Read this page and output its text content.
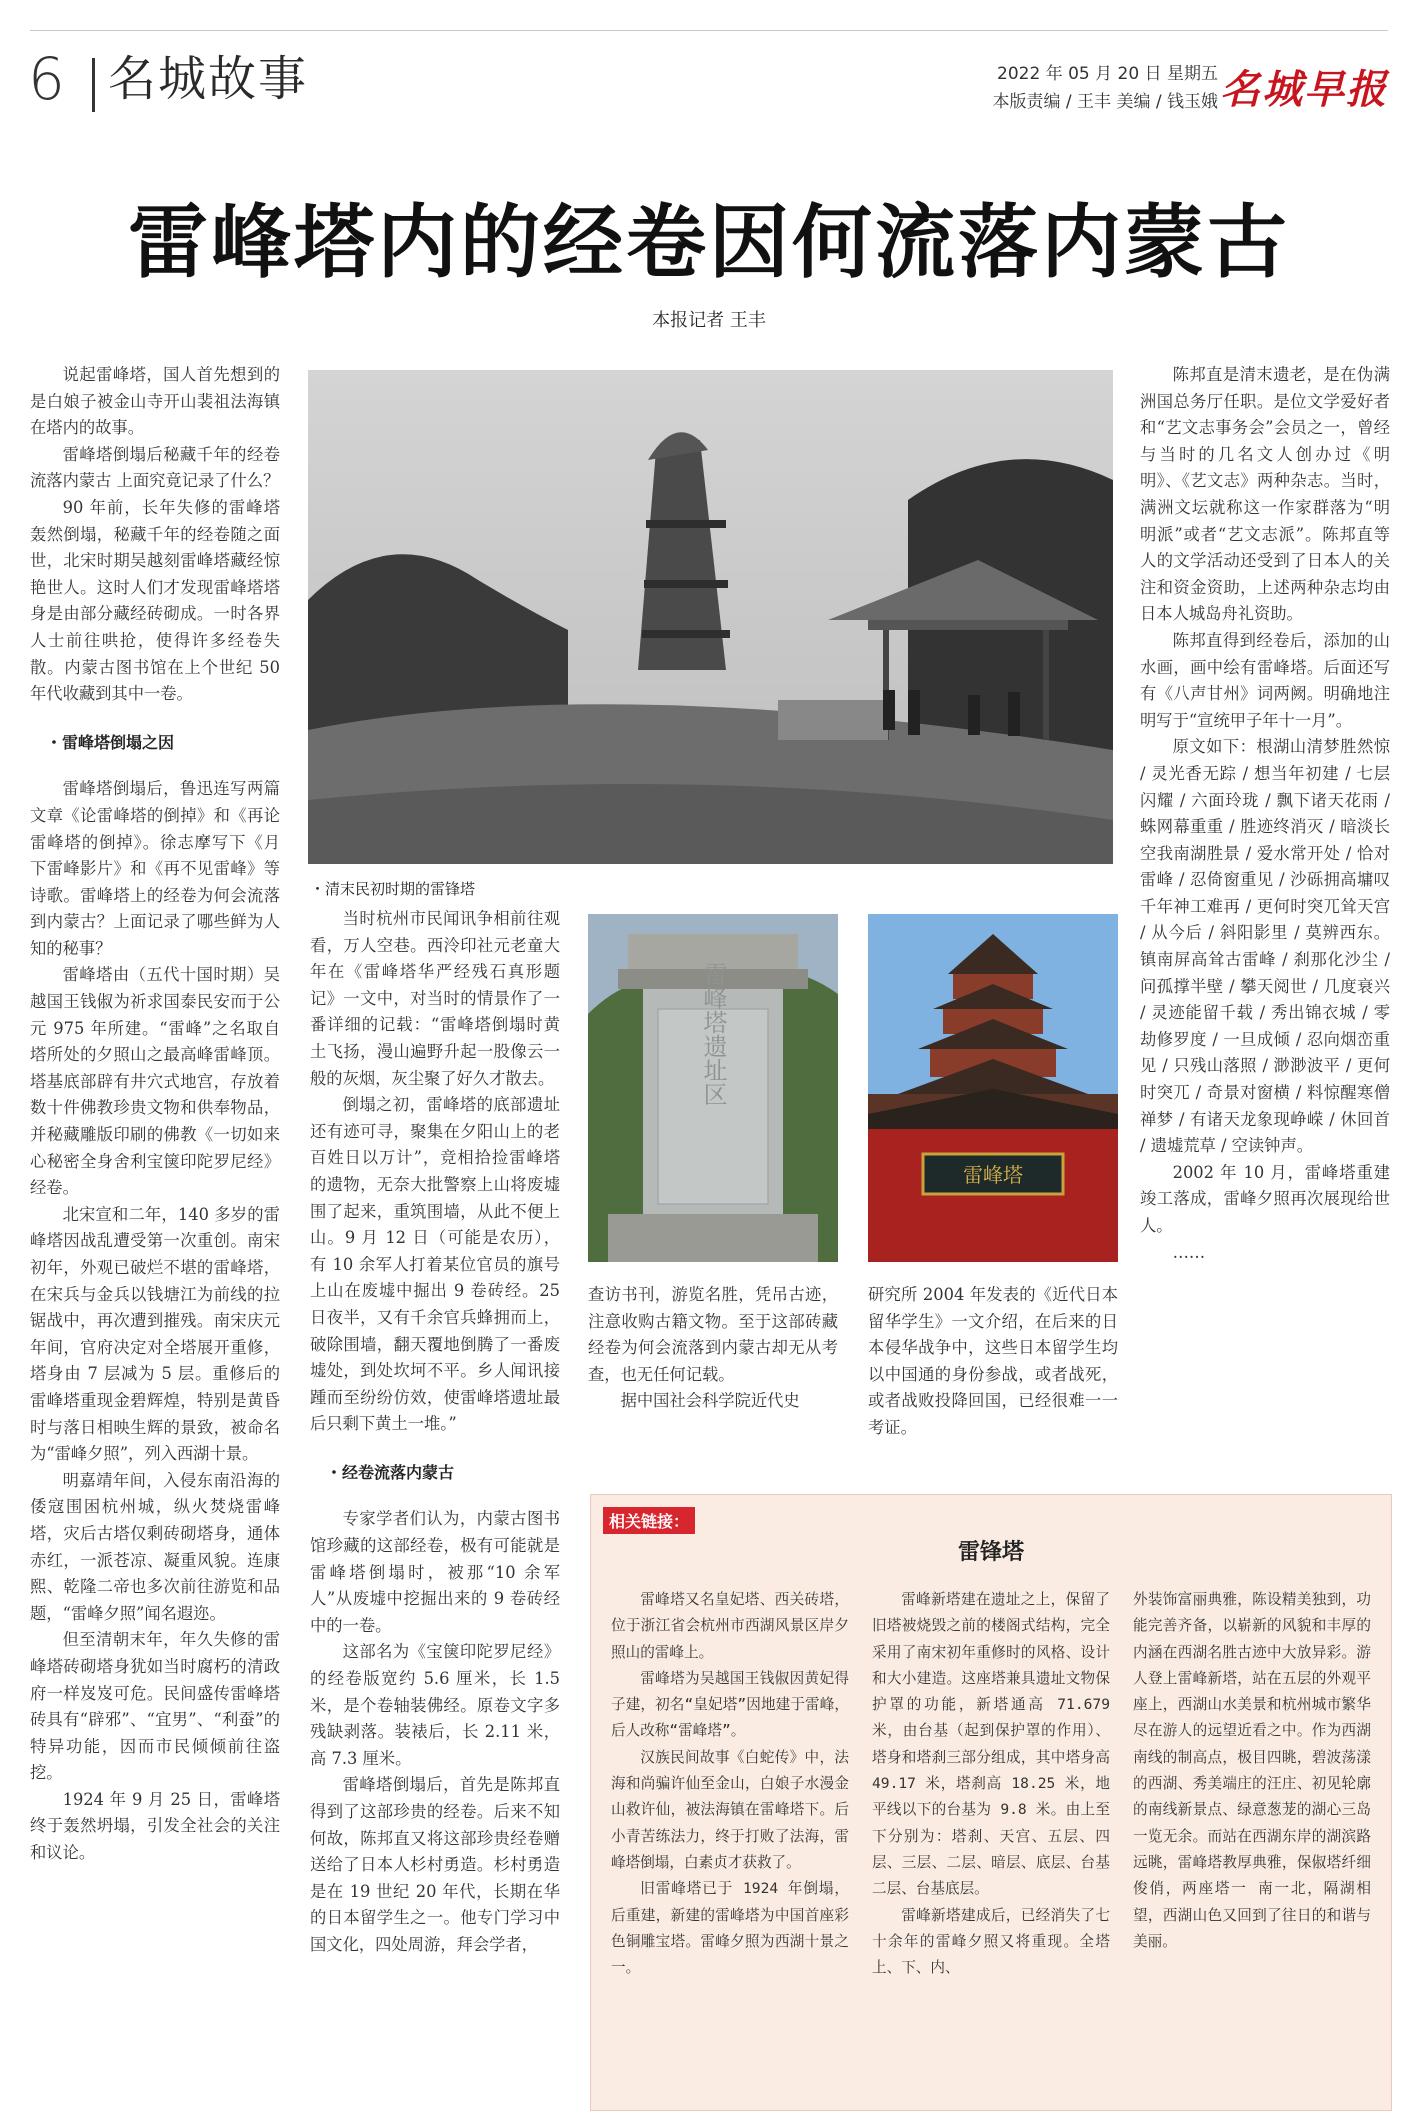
6 名城故事	2022 年 05 月 20 日 星期五
本版责编 / 王丰 美编 / 钱玉娥 名城早报
雷峰塔内的经卷因何流落内蒙古
本报记者 王丰

说起雷峰塔，国人首先想到的是白娘子被金山寺开山裴祖法海镇在塔内的故事。

雷峰塔倒塌后秘藏千年的经卷流落内蒙古 上面究竟记录了什么？

90 年前，长年失修的雷峰塔轰然倒塌，秘藏千年的经卷随之面世，北宋时期吴越刻雷峰塔藏经惊艳世人。这时人们才发现雷峰塔塔身是由部分藏经砖砌成。一时各界人士前往哄抢，使得许多经卷失散。内蒙古图书馆在上个世纪 50 年代收藏到其中一卷。

・雷峰塔倒塌之因

雷峰塔倒塌后，鲁迅连写两篇文章《论雷峰塔的倒掉》和《再论雷峰塔的倒掉》。徐志摩写下《月下雷峰影片》和《再不见雷峰》等诗歌。雷峰塔上的经卷为何会流落到内蒙古？上面记录了哪些鲜为人知的秘事？

雷峰塔由（五代十国时期）吴越国王钱俶为祈求国泰民安而于公元 975 年所建。“雷峰”之名取自塔所处的夕照山之最高峰雷峰顶。塔基底部辟有井穴式地宫，存放着数十件佛教珍贵文物和供奉物品，并秘藏雕版印刷的佛教《一切如来心秘密全身舍利宝箧印陀罗尼经》经卷。

北宋宣和二年，140 多岁的雷峰塔因战乱遭受第一次重创。南宋初年，外观已破烂不堪的雷峰塔，在宋兵与金兵以钱塘江为前线的拉锯战中，再次遭到摧残。南宋庆元年间，官府决定对全塔展开重修，塔身由 7 层减为 5 层。重修后的雷峰塔重现金碧辉煌，特别是黄昏时与落日相映生辉的景致，被命名为“雷峰夕照”，列入西湖十景。

明嘉靖年间，入侵东南沿海的倭寇围困杭州城，纵火焚烧雷峰塔，灾后古塔仅剩砖砌塔身，通体赤红，一派苍凉、凝重风貌。连康熙、乾隆二帝也多次前往游览和品题，“雷峰夕照”闻名遐迩。

但至清朝末年，年久失修的雷峰塔砖砌塔身犹如当时腐朽的清政府一样岌岌可危。民间盛传雷峰塔砖具有“辟邪”、“宜男”、“利蚕”的特异功能，因而市民倾倾前往盗挖。

1924 年 9 月 25 日，雷峰塔终于轰然坍塌，引发全社会的关注和议论。

・清末民初时期的雷锋塔

当时杭州市民闻讯争相前往观看，万人空巷。西泠印社元老童大年在《雷峰塔华严经残石真形题记》一文中，对当时的情景作了一番详细的记载：“雷峰塔倒塌时黄土飞扬，漫山遍野升起一股像云一般的灰烟，灰尘聚了好久才散去。

倒塌之初，雷峰塔的底部遗址还有迹可寻，聚集在夕阳山上的老百姓日以万计”，竞相拾捡雷峰塔的遗物，无奈大批警察上山将废墟围了起来，重筑围墙，从此不便上山。9 月 12 日（可能是农历），有 10 余军人打着某位官员的旗号上山在废墟中掘出 9 卷砖经。25 日夜半，又有千余官兵蜂拥而上，破除围墙，翻天覆地倒腾了一番废墟处，到处坎坷不平。乡人闻讯接踵而至纷纷仿效，使雷峰塔遗址最后只剩下黄土一堆。”

・经卷流落内蒙古

专家学者们认为，内蒙古图书馆珍藏的这部经卷，极有可能就是雷峰塔倒塌时，被那“10 余军人”从废墟中挖掘出来的 9 卷砖经中的一卷。

这部名为《宝箧印陀罗尼经》的经卷版宽约 5.6 厘米，长 1.5 米，是个卷轴装佛经。原卷文字多残缺剥落。装裱后，长 2.11 米，高 7.3 厘米。

雷峰塔倒塌后，首先是陈邦直得到了这部珍贵的经卷。后来不知何故，陈邦直又将这部珍贵经卷赠送给了日本人杉村勇造。杉村勇造是在 19 世纪 20 年代，长期在华的日本留学生之一。他专门学习中国文化，四处周游，拜会学者，

雷峰塔遗址区
雷峰塔

查访书刊，游览名胜，凭吊古迹，注意收购古籍文物。至于这部砖藏经卷为何会流落到内蒙古却无从考查，也无任何记载。

据中国社会科学院近代史

研究所 2004 年发表的《近代日本留华学生》一文介绍，在后来的日本侵华战争中，这些日本留学生均以中国通的身份参战，或者战死，或者战败投降回国，已经很难一一考证。

陈邦直是清末遗老，是在伪满洲国总务厅任职。是位文学爱好者和“艺文志事务会”会员之一，曾经与当时的几名文人创办过《明明》、《艺文志》两种杂志。当时，满洲文坛就称这一作家群落为“明明派”或者“艺文志派”。陈邦直等人的文学活动还受到了日本人的关注和资金资助，上述两种杂志均由日本人城岛舟礼资助。

陈邦直得到经卷后，添加的山水画，画中绘有雷峰塔。后面还写有《八声甘州》词两阙。明确地注明写于“宣统甲子年十一月”。

原文如下：根湖山清梦胜然惊 / 灵光香无踪 / 想当年初建 / 七层闪耀 / 六面玲珑 / 飘下诸天花雨 / 蛛网幕重重 / 胜迹终消灭 / 暗淡长空我南湖胜景 / 爱水常开处 / 恰对雷峰 / 忍倚窗重见 / 沙砾拥高墉叹千年神工难再 / 更何时突兀耸天宫 / 从今后 / 斜阳影里 / 莫辨西东。镇南屏高耸古雷峰 / 刹那化沙尘 / 问孤撑半壁 / 攀天阅世 / 几度衰兴 / 灵迹能留千载 / 秀出锦衣城 / 零劫修罗度 / 一旦成倾 / 忍向烟峦重见 / 只残山落照 / 渺渺波平 / 更何时突兀 / 奇景对窗横 / 料惊醒寒僧禅梦 / 有诸天龙象现峥嵘 / 休回首 / 遗墟荒草 / 空读钟声。

2002 年 10 月，雷峰塔重建竣工落成，雷峰夕照再次展现给世人。

……

相关链接：
雷锋塔

雷峰塔又名皇妃塔、西关砖塔，位于浙江省会杭州市西湖风景区岸夕照山的雷峰上。

雷峰塔为吴越国王钱俶因黄妃得子建，初名“皇妃塔”因地建于雷峰，后人改称“雷峰塔”。

汉族民间故事《白蛇传》中，法海和尚骗许仙至金山，白娘子水漫金山救许仙，被法海镇在雷峰塔下。后小青苦练法力，终于打败了法海，雷峰塔倒塌，白素贞才获救了。

旧雷峰塔已于 1924 年倒塌，后重建，新建的雷峰塔为中国首座彩色铜雕宝塔。雷峰夕照为西湖十景之一。

雷峰新塔建在遗址之上，保留了旧塔被烧毁之前的楼阁式结构，完全采用了南宋初年重修时的风格、设计和大小建造。这座塔兼具遗址文物保护罩的功能，新塔通高 71.679 米，由台基（起到保护罩的作用）、塔身和塔刹三部分组成，其中塔身高 49.17 米，塔刹高 18.25 米，地平线以下的台基为 9.8 米。由上至下分别为：塔刹、天宫、五层、四层、三层、二层、暗层、底层、台基二层、台基底层。

雷峰新塔建成后，已经消失了七十余年的雷峰夕照又将重现。全塔上、下、内、

外装饰富丽典雅，陈设精美独到，功能完善齐备，以崭新的风貌和丰厚的内涵在西湖名胜古迹中大放异彩。游人登上雷峰新塔，站在五层的外观平座上，西湖山水美景和杭州城市繁华尽在游人的远望近看之中。作为西湖南线的制高点，极目四眺，碧波荡漾的西湖、秀美端庄的汪庄、初见轮廓的南线新景点、绿意葱茏的湖心三岛一览无余。而站在西湖东岸的湖滨路远眺，雷峰塔教厚典雅，保俶塔纤细俊俏，两座塔一 南一北，隔湖相望，西湖山色又回到了往日的和谐与美丽。
